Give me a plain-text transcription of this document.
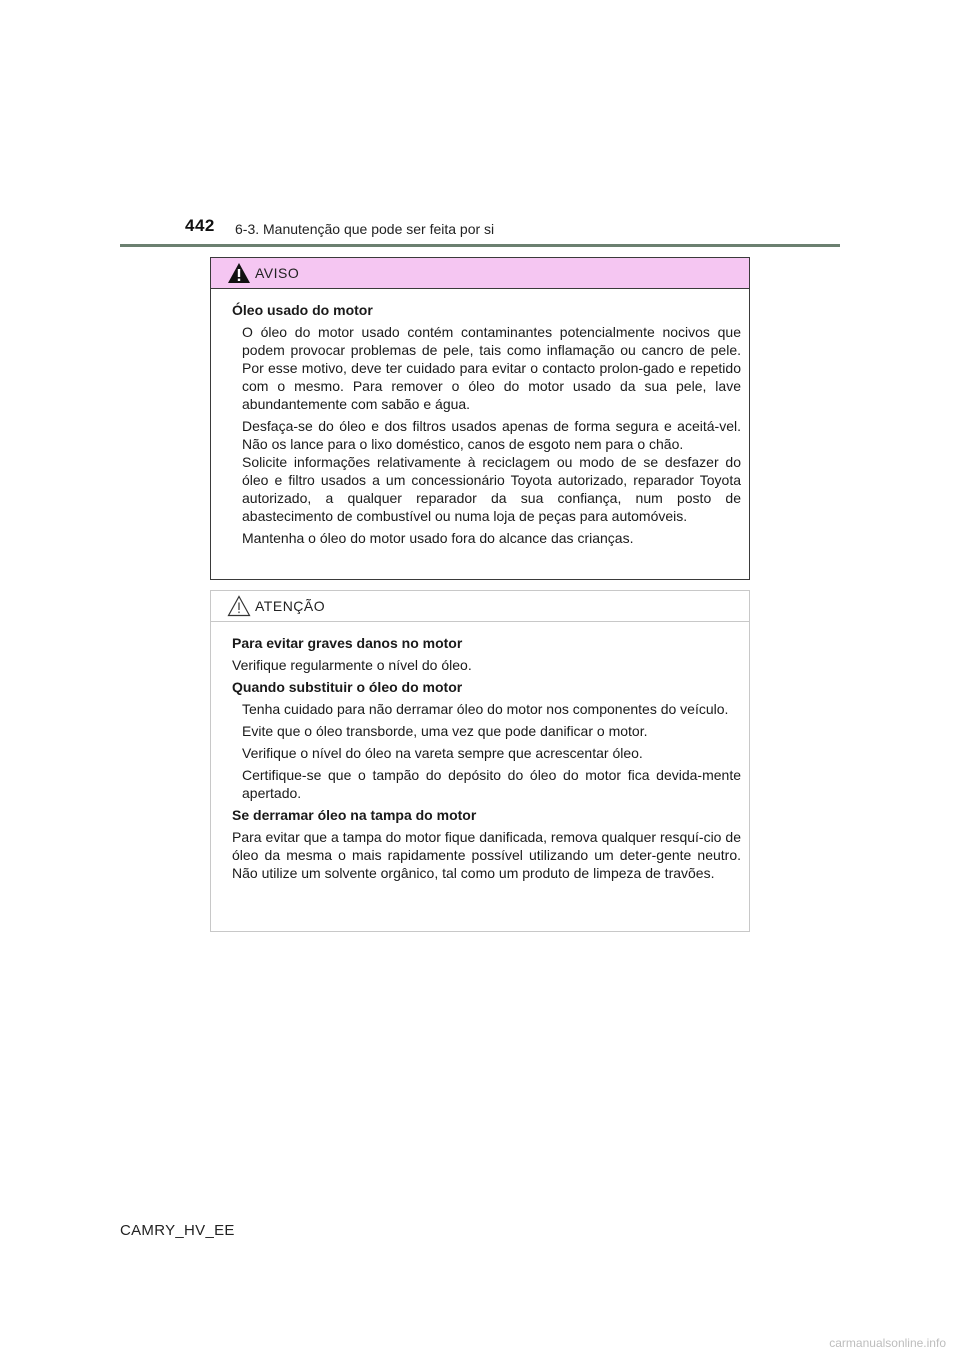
442 6-3. Manutenção que pode ser feita por si
AVISO

Óleo usado do motor

O óleo do motor usado contém contaminantes potencialmente nocivos que podem provocar problemas de pele, tais como inflamação ou cancro de pele. Por esse motivo, deve ter cuidado para evitar o contacto prolon-gado e repetido com o mesmo. Para remover o óleo do motor usado da sua pele, lave abundantemente com sabão e água.

Desfaça-se do óleo e dos filtros usados apenas de forma segura e aceitá-vel. Não os lance para o lixo doméstico, canos de esgoto nem para o chão.
Solicite informações relativamente à reciclagem ou modo de se desfazer do óleo e filtro usados a um concessionário Toyota autorizado, reparador Toyota autorizado, a qualquer reparador da sua confiança, num posto de abastecimento de combustível ou numa loja de peças para automóveis.

Mantenha o óleo do motor usado fora do alcance das crianças.

ATENÇÃO

Para evitar graves danos no motor

Verifique regularmente o nível do óleo.

Quando substituir o óleo do motor

Tenha cuidado para não derramar óleo do motor nos componentes do veículo.

Evite que o óleo transborde, uma vez que pode danificar o motor.

Verifique o nível do óleo na vareta sempre que acrescentar óleo.

Certifique-se que o tampão do depósito do óleo do motor fica devida-mente apertado.

Se derramar óleo na tampa do motor

Para evitar que a tampa do motor fique danificada, remova qualquer resquí-cio de óleo da mesma o mais rapidamente possível utilizando um deter-gente neutro. Não utilize um solvente orgânico, tal como um produto de limpeza de travões.

CAMRY_HV_EE
carmanualsonline.info
